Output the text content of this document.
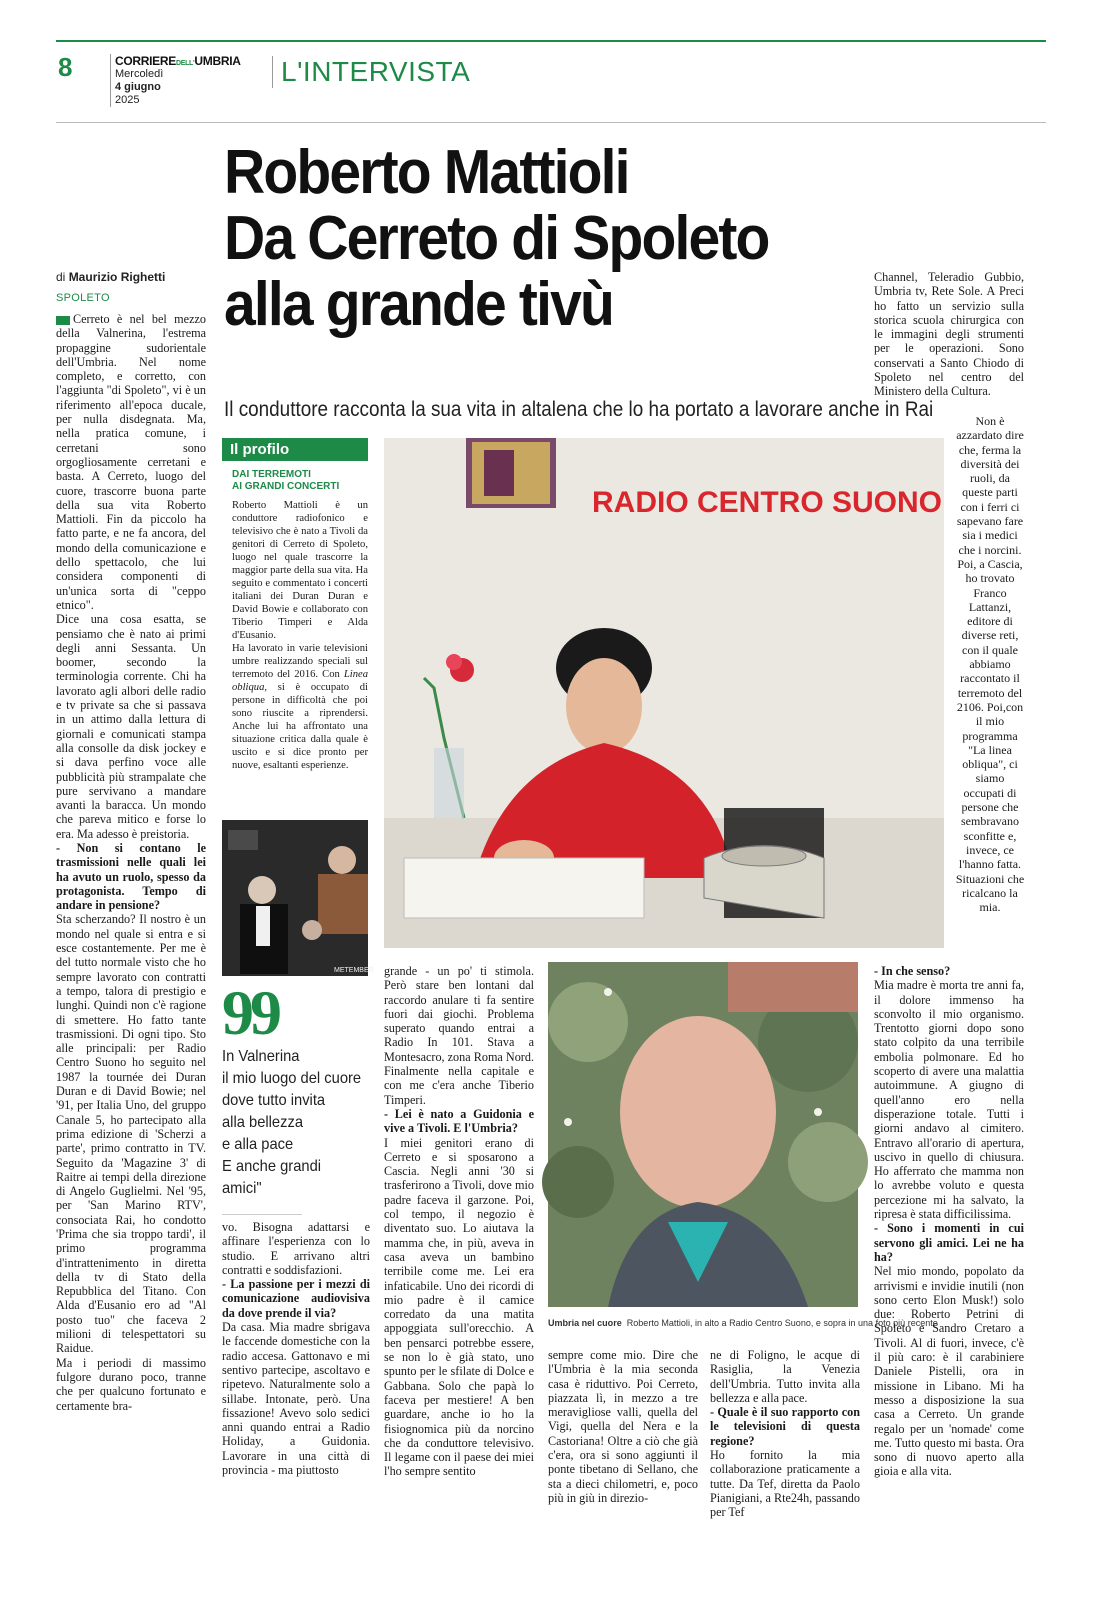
8	CORRIEREDELL'UMBRIA
Mercoledì
4 giugno
2025
L'INTERVISTA
Roberto Mattioli
Da Cerreto di Spoleto
alla grande tivù
Il conduttore racconta la sua vita in altalena che lo ha portato a lavorare anche in Rai
di Maurizio Righetti
SPOLETO

Cerreto è nel bel mezzo della Valnerina, l'estrema propaggine sudorientale dell'Umbria. Nel nome completo, e corretto, con l'aggiunta "di Spoleto", vi è un riferimento all'epoca ducale, per nulla disdegnata. Ma, nella pratica comune, i cerretani sono orgogliosamente cerretani e basta. A Cerreto, luogo del cuore, trascorre buona parte della sua vita Roberto Mattioli. Fin da piccolo ha fatto parte, e ne fa ancora, del mondo della comunicazione e dello spettacolo, che lui considera componenti di un'unica sorta di "ceppo etnico".

Dice una cosa esatta, se pensiamo che è nato ai primi degli anni Sessanta. Un boomer, secondo la terminologia corrente. Chi ha lavorato agli albori delle radio e tv private sa che si passava in un attimo dalla lettura di giornali e comunicati stampa alla consolle da disk jockey e si dava perfino voce alle pubblicità più strampalate che pure servivano a mandare avanti la baracca. Un mondo che pareva mitico e forse lo era. Ma adesso è preistoria.

- Non si contano le trasmissioni nelle quali lei ha avuto un ruolo, spesso da protagonista. Tempo di andare in pensione?

Sta scherzando? Il nostro è un mondo nel quale si entra e si esce costantemente. Per me è del tutto normale visto che ho sempre lavorato con contratti a tempo, talora di prestigio e lunghi. Quindi non c'è ragione di smettere. Ho fatto tante trasmissioni. Di ogni tipo. Sto alle principali: per Radio Centro Suono ho seguito nel 1987 la tournée dei Duran Duran e di David Bowie; nel '91, per Italia Uno, del gruppo Canale 5, ho partecipato alla prima edizione di 'Scherzi a parte', primo contratto in TV. Seguito da 'Magazine 3' di Raitre ai tempi della direzione di Angelo Guglielmi. Nel '95, per 'San Marino RTV', consociata Rai, ho condotto 'Prima che sia troppo tardi', il primo programma d'intrattenimento in diretta della tv di Stato della Repubblica del Titano. Con Alda d'Eusanio ero ad "Al posto tuo" che faceva 2 milioni di telespettatori su Raidue.

Ma i periodi di massimo fulgore durano poco, tranne che per qualcuno fortunato e certamente bra-

Il profilo
DAI TERREMOTI
AI GRANDI CONCERTI

Roberto Mattioli è un conduttore radiofonico e televisivo che è nato a Tivoli da genitori di Cerreto di Spoleto, luogo nel quale trascorre la maggior parte della sua vita. Ha seguito e commentato i concerti italiani dei Duran Duran e David Bowie e collaborato con Tiberio Timperi e Alda d'Eusanio.

Ha lavorato in varie televisioni umbre realizzando speciali sul terremoto del 2016. Con Linea obliqua, si è occupato di persone in difficoltà che poi sono riuscite a riprendersi. Anche lui ha affrontato una situazione critica dalla quale è uscito e si dice pronto per nuove, esaltanti esperienze.

RADIO CENTRO SUONO
METEMBER
99
In Valnerina
il mio luogo del cuore
dove tutto invita
alla bellezza
e alla pace
E anche grandi
amici"

vo. Bisogna adattarsi e affinare l'esperienza con lo studio. E arrivano altri contratti e soddisfazioni.

- La passione per i mezzi di comunicazione audiovisiva da dove prende il via?

Da casa. Mia madre sbrigava le faccende domestiche con la radio accesa. Gattonavo e mi sentivo partecipe, ascoltavo e ripetevo. Naturalmente solo a sillabe. Intonate, però. Una fissazione! Avevo solo sedici anni quando entrai a Radio Holiday, a Guidonia. Lavorare in una città di provincia - ma piuttosto

grande - un po' ti stimola. Però stare ben lontani dal raccordo anulare ti fa sentire fuori dai giochi. Problema superato quando entrai a Radio In 101. Stava a Montesacro, zona Roma Nord. Finalmente nella capitale e con me c'era anche Tiberio Timperi.

- Lei è nato a Guidonia e vive a Tivoli. E l'Umbria?

I miei genitori erano di Cerreto e si sposarono a Cascia. Negli anni '30 si trasferirono a Tivoli, dove mio padre faceva il garzone. Poi, col tempo, il negozio è diventato suo. Lo aiutava la mamma che, in più, aveva in casa aveva un bambino terribile come me. Lei era infaticabile. Uno dei ricordi di mio padre è il camice corredato da una matita appoggiata sull'orecchio. A ben pensarci potrebbe essere, se non lo è già stato, uno spunto per le sfilate di Dolce e Gabbana. Solo che papà lo faceva per mestiere! A ben guardare, anche io ho la fisiognomica più da norcino che da conduttore televisivo. Il legame con il paese dei miei l'ho sempre sentito

Umbria nel cuore Roberto Mattioli, in alto a Radio Centro Suono, e sopra in una foto più recente

sempre come mio. Dire che l'Umbria è la mia seconda casa è riduttivo. Poi Cerreto, piazzata lì, in mezzo a tre meravigliose valli, quella del Vigi, quella del Nera e la Castoriana! Oltre a ciò che già c'era, ora si sono aggiunti il ponte tibetano di Sellano, che sta a dieci chilometri, e, poco più in giù in direzio-

ne di Foligno, le acque di Rasiglia, la Venezia dell'Umbria. Tutto invita alla bellezza e alla pace.

- Quale è il suo rapporto con le televisioni di questa regione?

Ho fornito la mia collaborazione praticamente a tutte. Da Tef, diretta da Paolo Pianigiani, a Rte24h, passando per Tef

Channel, Teleradio Gubbio, Umbria tv, Rete Sole. A Preci ho fatto un servizio sulla storica scuola chirurgica con le immagini degli strumenti per le operazioni. Sono conservati a Santo Chiodo di Spoleto nel centro del Ministero della Cultura.

Non è azzardato dire che, ferma la diversità dei ruoli, da queste parti con i ferri ci sapevano fare sia i medici che i norcini. Poi, a Cascia, ho trovato Franco Lattanzi, editore di diverse reti, con il quale abbiamo raccontato il terremoto del 2106. Poi,con il mio programma "La linea obliqua", ci siamo occupati di persone che sembravano sconfitte e, invece, ce l'hanno fatta. Situazioni che ricalcano la mia.

- In che senso?

Mia madre è morta tre anni fa, il dolore immenso ha sconvolto il mio organismo. Trentotto giorni dopo sono stato colpito da una terribile embolia polmonare. Ed ho scoperto di avere una malattia autoimmune. A giugno di quell'anno ero nella disperazione totale. Tutti i giorni andavo al cimitero. Entravo all'orario di apertura, uscivo in quello di chiusura. Ho afferrato che mamma non lo avrebbe voluto e questa percezione mi ha salvato, la ripresa è stata difficilissima.

- Sono i momenti in cui servono gli amici. Lei ne ha ha?

Nel mio mondo, popolato da arrivismi e invidie inutili (non sono certo Elon Musk!) solo due: Roberto Petrini di Spoleto e Sandro Cretaro a Tivoli. Al di fuori, invece, c'è il più caro: è il carabiniere Daniele Pistelli, ora in missione in Libano. Mi ha messo a disposizione la sua casa a Cerreto. Un grande regalo per un 'nomade' come me. Tutto questo mi basta. Ora sono di nuovo aperto alla gioia e alla vita.
